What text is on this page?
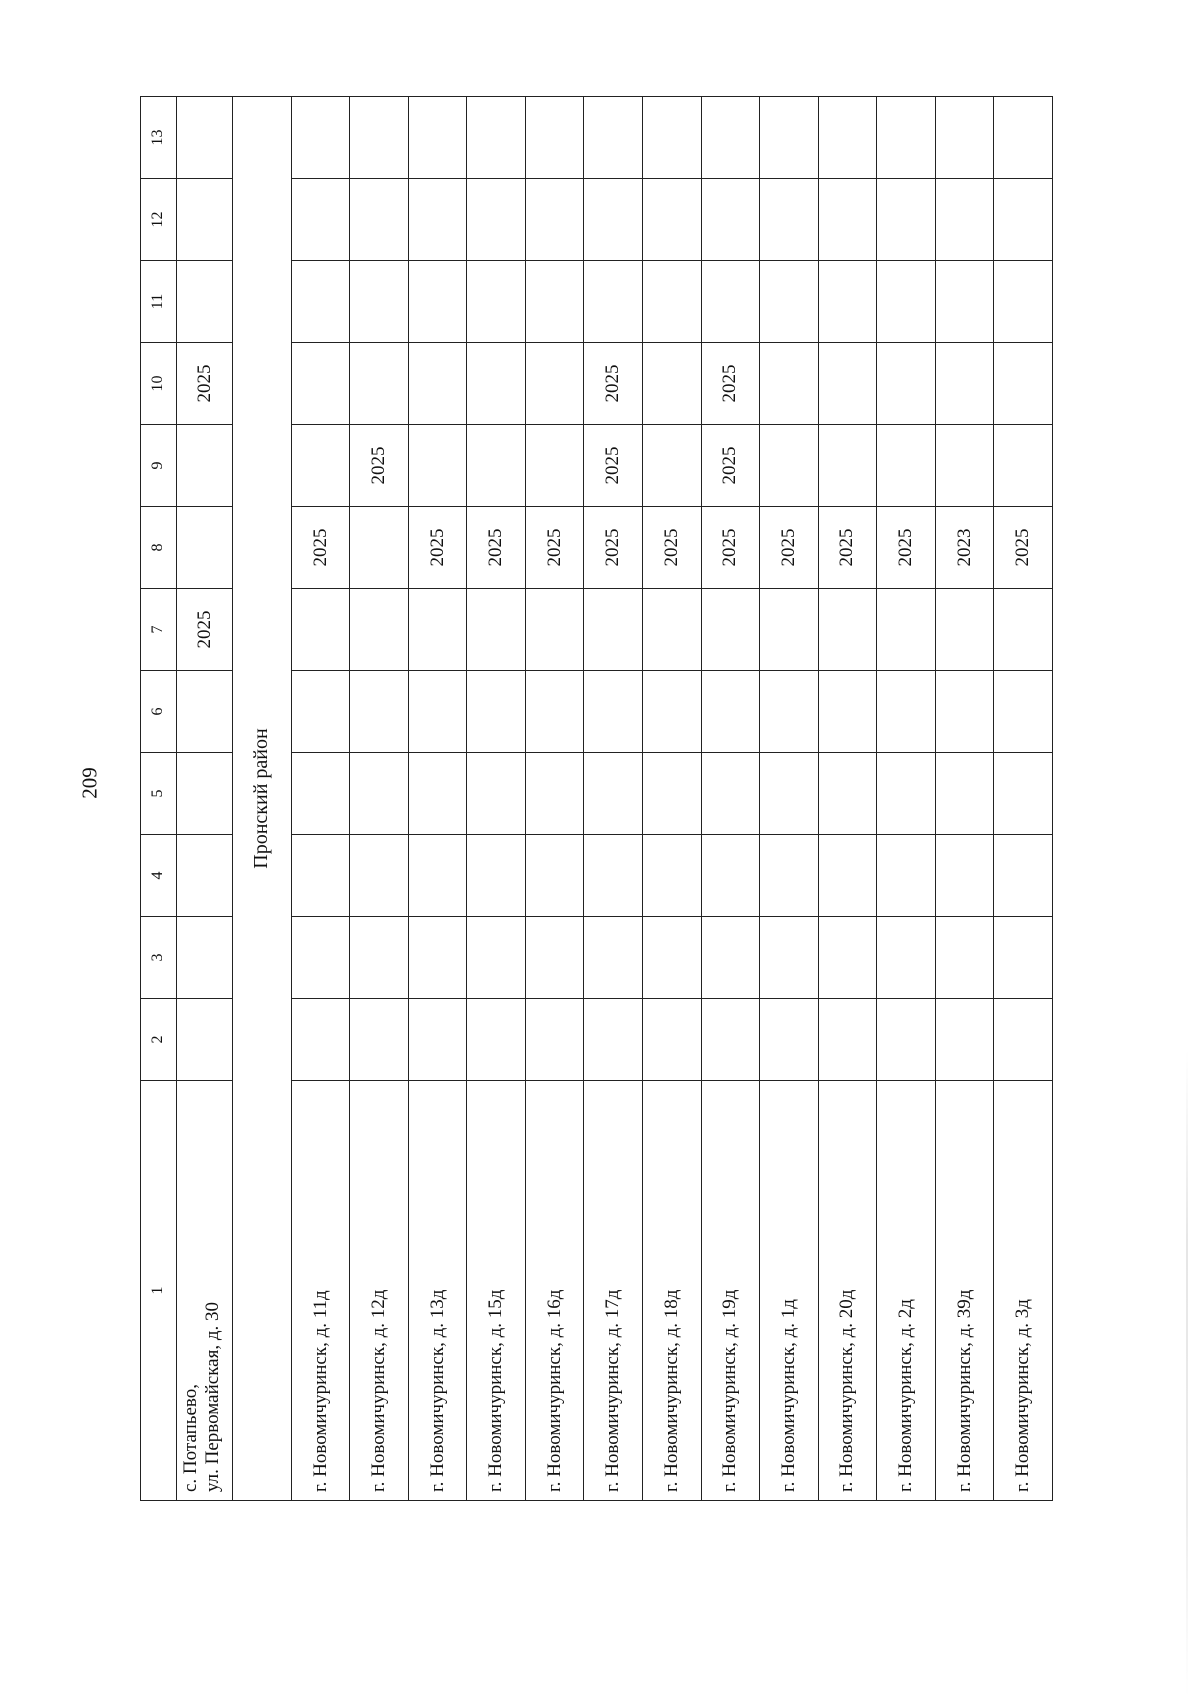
209
1	2	3	4	5	6	7	8	9	10	11	12	13

с. Потапьево, ул. Первомайская, д. 30						2025			2025			
Пронский район												
г. Новомичуринск, д. 11д							2025					
г. Новомичуринск, д. 12д								2025				
г. Новомичуринск, д. 13д							2025					
г. Новомичуринск, д. 15д							2025					
г. Новомичуринск, д. 16д							2025					
г. Новомичуринск, д. 17д							2025	2025	2025			
г. Новомичуринск, д. 18д							2025					
г. Новомичуринск, д. 19д							2025	2025	2025			
г. Новомичуринск, д. 1д							2025					
г. Новомичуринск, д. 20д							2025					
г. Новомичуринск, д. 2д							2025					
г. Новомичуринск, д. 39д							2023					
г. Новомичуринск, д. 3д							2025					
